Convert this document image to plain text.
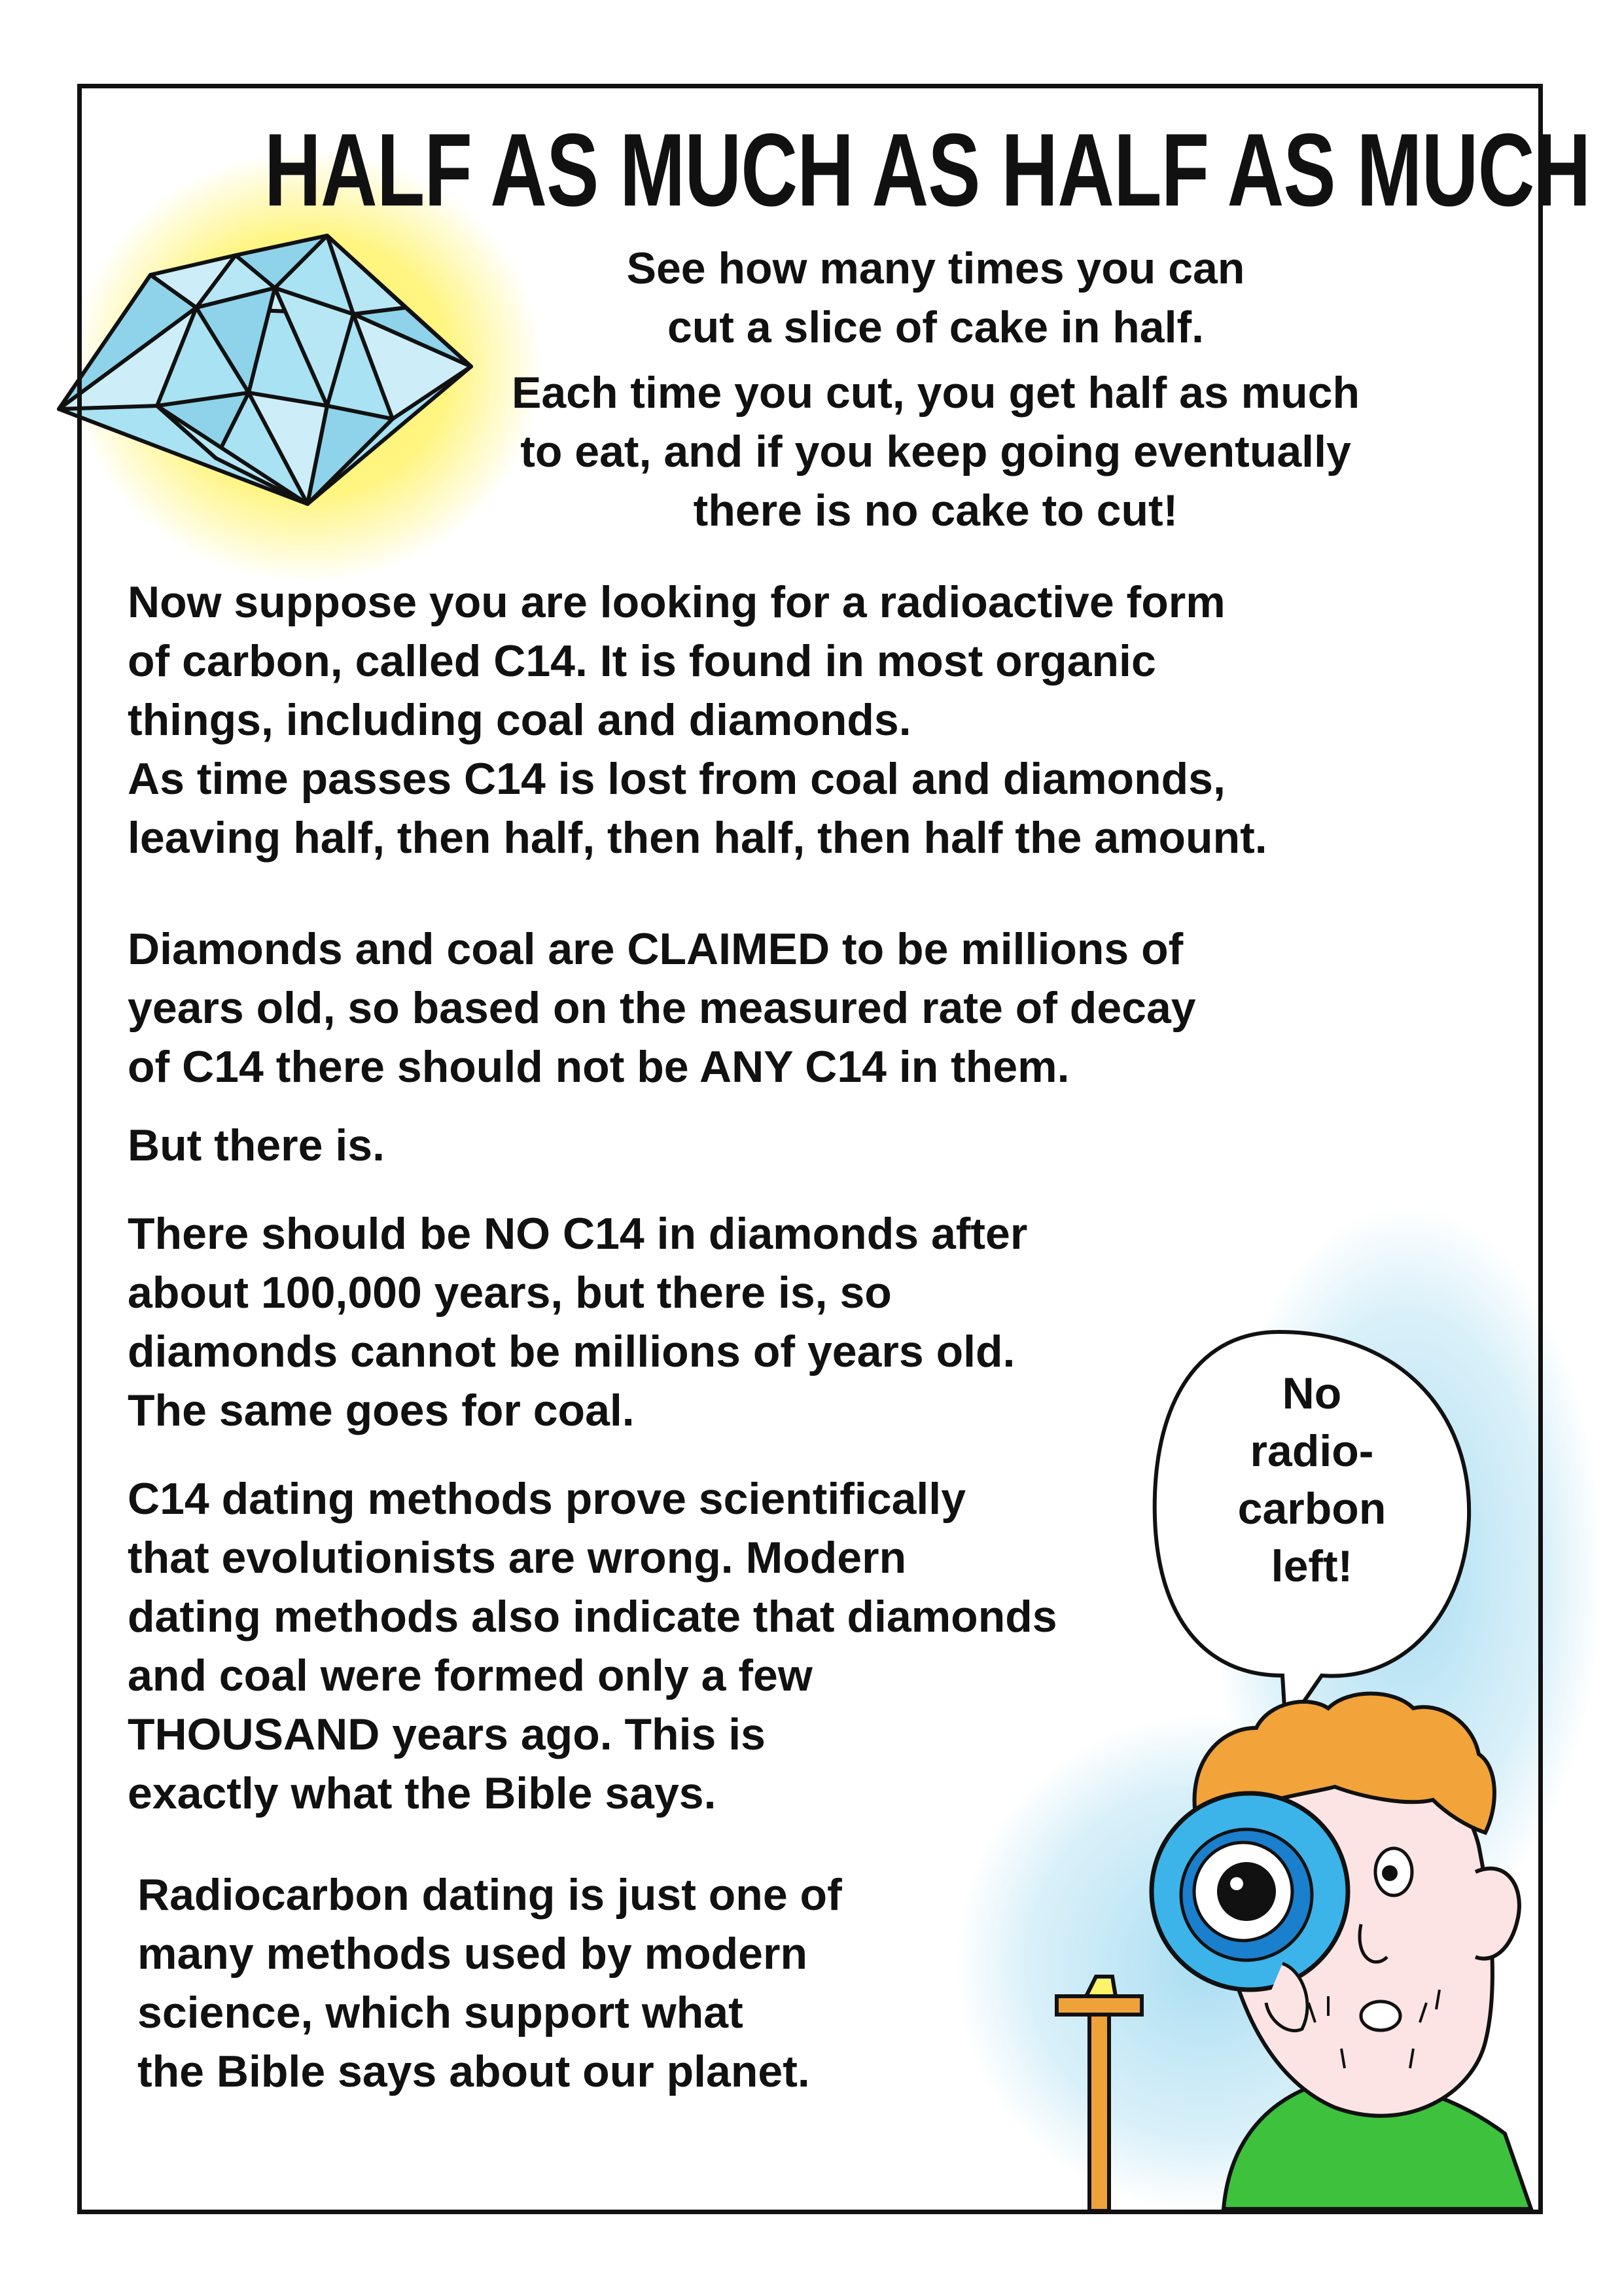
HALF AS MUCH AS HALF AS MUCH

See how many times you can

cut a slice of cake in half.

Each time you cut, you get half as much

to eat, and if you keep going eventually

there is no cake to cut!

Now suppose you are looking for a radioactive form

of carbon, called C14. It is found in most organic

things, including coal and diamonds.

As time passes C14 is lost from coal and diamonds,

leaving half, then half, then half, then half the amount.

Diamonds and coal are CLAIMED to be millions of

years old, so based on the measured rate of decay

of C14 there should not be ANY C14 in them.

But there is.

There should be NO C14 in diamonds after

about 100,000 years, but there is, so

diamonds cannot be millions of years old.

The same goes for coal.

C14 dating methods prove scientifically

that evolutionists are wrong. Modern

dating methods also indicate that diamonds

and coal were formed only a few

THOUSAND years ago. This is

exactly what the Bible says.

Radiocarbon dating is just one of

many methods used by modern

science, which support what

the Bible says about our planet.

No

radio-

carbon

left!
